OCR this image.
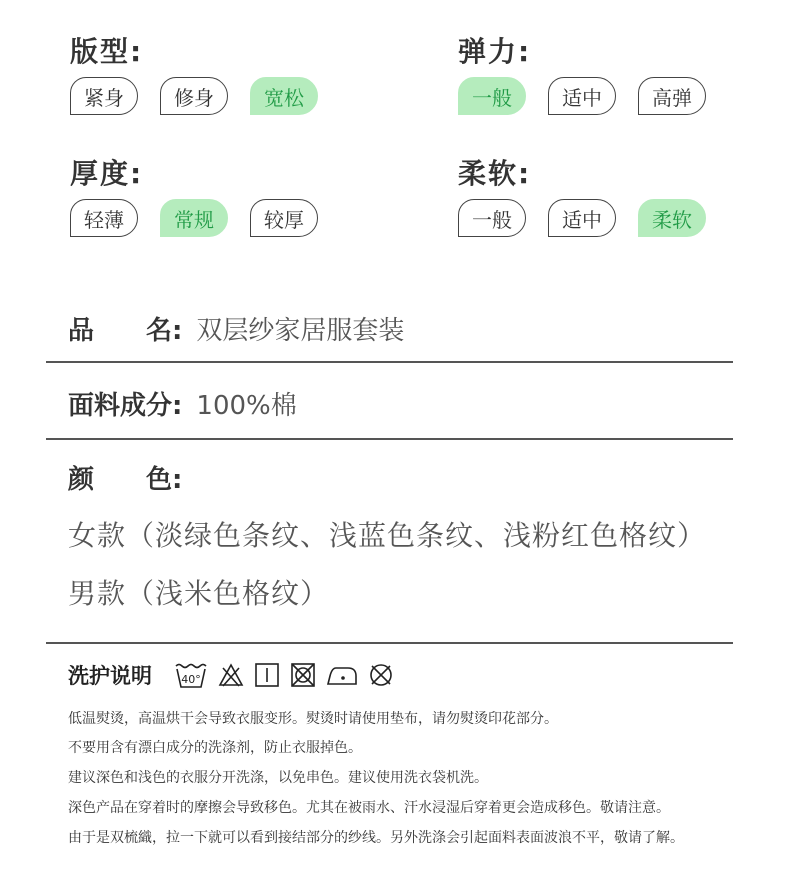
版型:
紧身	修身	宽松
弹力:
一般	适中	高弹
厚度:
轻薄	常规	较厚
柔软:
一般	适中	柔软
品　　名: 双层纱家居服套装
面料成分: 100%棉
颜　　色:
女款（淡绿色条纹、浅蓝色条纹、浅粉红色格纹）
男款（浅米色格纹）
洗护说明	40°
低温熨烫，高温烘干会导致衣服变形。熨烫时请使用垫布，请勿熨烫印花部分。
不要用含有漂白成分的洗涤剂，防止衣服掉色。
建议深色和浅色的衣服分开洗涤，以免串色。建议使用洗衣袋机洗。
深色产品在穿着时的摩擦会导致移色。尤其在被雨水、汗水浸湿后穿着更会造成移色。敬请注意。
由于是双梳織，拉一下就可以看到接结部分的纱线。另外洗涤会引起面料表面波浪不平，敬请了解。
